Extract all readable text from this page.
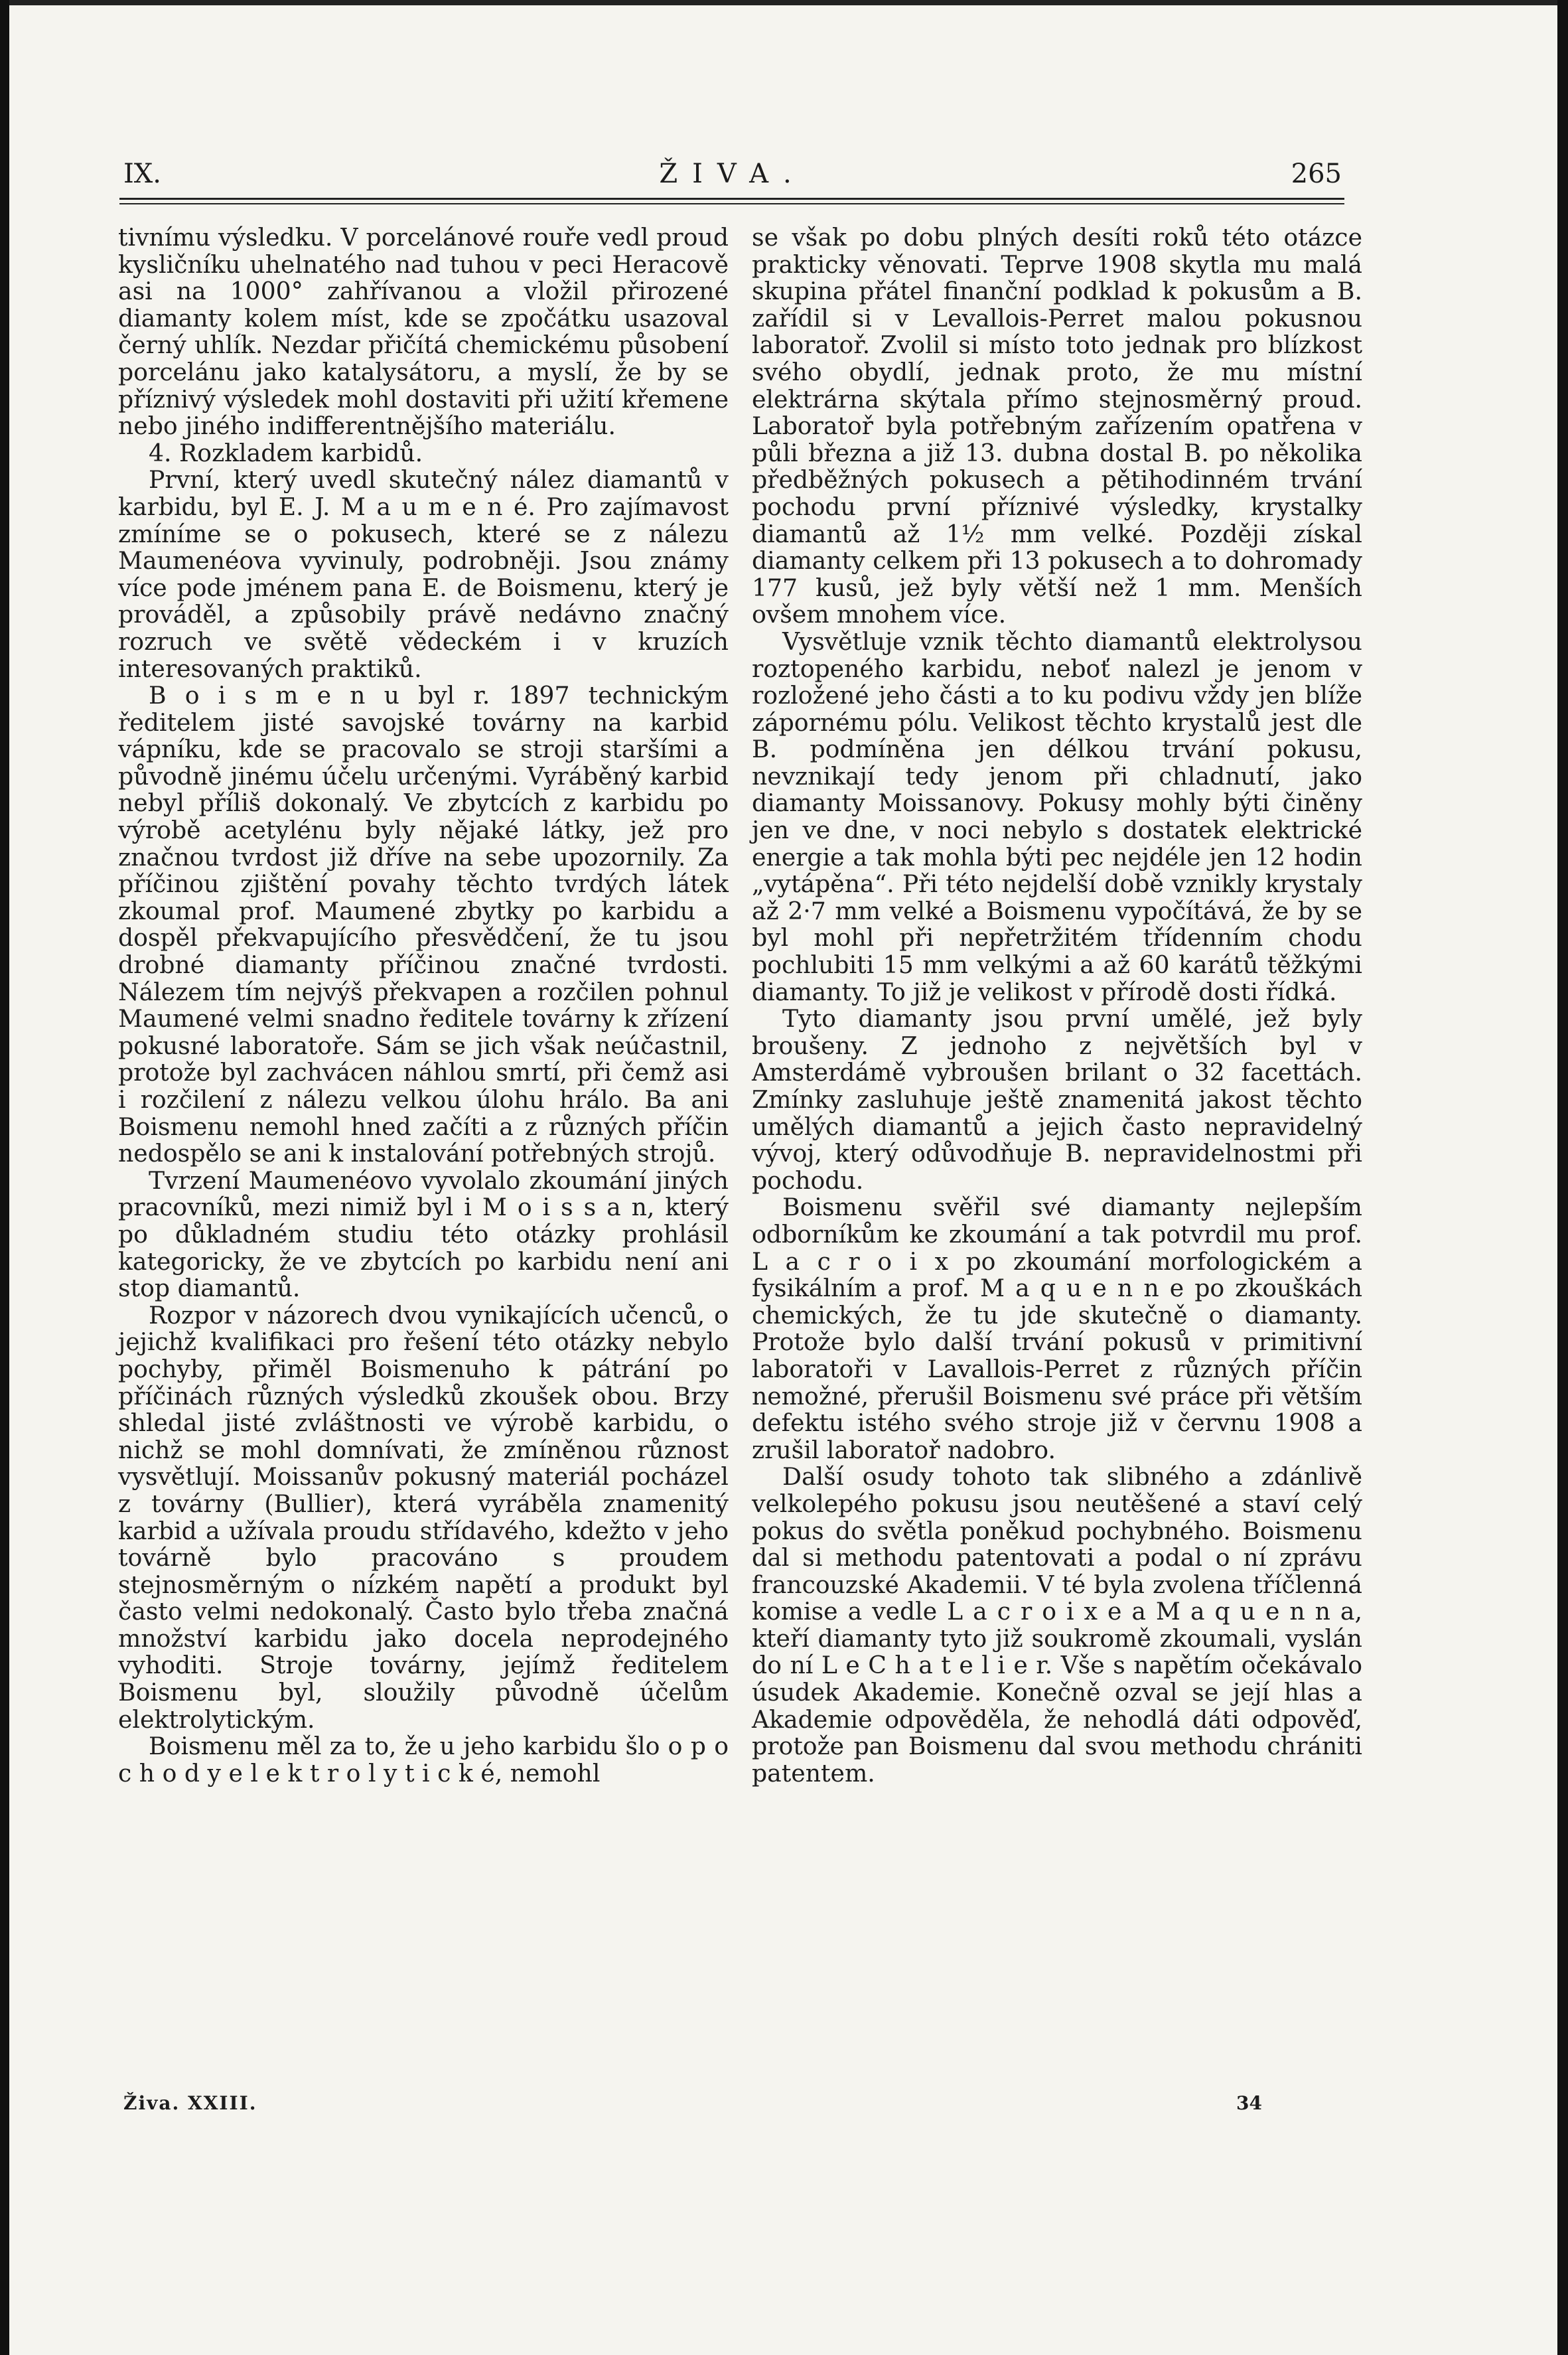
IX.	ŽIVA.	265

tivnímu výsledku. V porcelánové rouře vedl proud kysličníku uhelnatého nad tuhou v peci Heracově asi na 1000° zahřívanou a vložil přirozené diamanty kolem míst, kde se zpočátku usazoval černý uhlík. Nezdar přičítá chemickému působení porcelánu jako katalysátoru, a myslí, že by se příznivý výsledek mohl dostaviti při užití křemene nebo jiného indifferentnějšího materiálu.

4. Rozkladem karbidů.

První, který uvedl skutečný nález diamantů v karbidu, byl E. J. M a u m e n é. Pro zajímavost zmíníme se o pokusech, které se z nálezu Maumenéova vyvinuly, podrobněji. Jsou známy více pode jménem pana E. de Boismenu, který je prováděl, a způsobily právě nedávno značný rozruch ve světě vědeckém i v kruzích interesovaných praktiků.

B o i s m e n u byl r. 1897 technickým ředitelem jisté savojské továrny na karbid vápníku, kde se pracovalo se stroji staršími a původně jinému účelu určenými. Vyráběný karbid nebyl příliš dokonalý. Ve zbytcích z karbidu po výrobě acetylénu byly nějaké látky, jež pro značnou tvrdost již dříve na sebe upozornily. Za příčinou zjištění povahy těchto tvrdých látek zkoumal prof. Maumené zbytky po karbidu a dospěl překvapujícího přesvědčení, že tu jsou drobné diamanty příčinou značné tvrdosti. Nálezem tím nejvýš překvapen a rozčilen pohnul Maumené velmi snadno ředitele továrny k zřízení pokusné laboratoře. Sám se jich však neúčastnil, protože byl zachvácen náhlou smrtí, při čemž asi i rozčilení z nálezu velkou úlohu hrálo. Ba ani Boismenu nemohl hned začíti a z různých příčin nedospělo se ani k instalování potřebných strojů.

Tvrzení Maumenéovo vyvolalo zkoumání jiných pracovníků, mezi nimiž byl i M o i s s a n, který po důkladném studiu této otázky prohlásil kategoricky, že ve zbytcích po karbidu není ani stop diamantů.

Rozpor v názorech dvou vynikajících učenců, o jejichž kvalifikaci pro řešení této otázky nebylo pochyby, přiměl Boismenuho k pátrání po příčinách různých výsledků zkoušek obou. Brzy shledal jisté zvláštnosti ve výrobě karbidu, o nichž se mohl domnívati, že zmíněnou různost vysvětlují. Moissanův pokusný materiál pocházel z továrny (Bullier), která vyráběla znamenitý karbid a užívala proudu střídavého, kdežto v jeho továrně bylo pracováno s proudem stejnosměrným o nízkém napětí a produkt byl často velmi nedokonalý. Často bylo třeba značná množství karbidu jako docela neprodejného vyhoditi. Stroje továrny, jejímž ředitelem Boismenu byl, sloužily původně účelům elektrolytickým.

Boismenu měl za to, že u jeho karbidu šlo o p o c h o d y e l e k t r o l y t i c k é, nemohl

se však po dobu plných desíti roků této otázce prakticky věnovati. Teprve 1908 skytla mu malá skupina přátel finanční podklad k pokusům a B. zařídil si v Levallois-Perret malou pokusnou laboratoř. Zvolil si místo toto jednak pro blízkost svého obydlí, jednak proto, že mu místní elektrárna skýtala přímo stejnosměrný proud. Laboratoř byla potřebným zařízením opatřena v půli března a již 13. dubna dostal B. po několika předběžných pokusech a pětihodinném trvání pochodu první příznivé výsledky, krystalky diamantů až 1½ mm velké. Později získal diamanty celkem při 13 pokusech a to dohromady 177 kusů, jež byly větší než 1 mm. Menších ovšem mnohem více.

Vysvětluje vznik těchto diamantů elektrolysou roztopeného karbidu, neboť nalezl je jenom v rozložené jeho části a to ku podivu vždy jen blíže zápornému pólu. Velikost těchto krystalů jest dle B. podmíněna jen délkou trvání pokusu, nevznikají tedy jenom při chladnutí, jako diamanty Moissanovy. Pokusy mohly býti činěny jen ve dne, v noci nebylo s dostatek elektrické energie a tak mohla býti pec nejdéle jen 12 hodin „vytápěna“. Při této nejdelší době vznikly krystaly až 2·7 mm velké a Boismenu vypočítává, že by se byl mohl při nepřetržitém třídenním chodu pochlubiti 15 mm velkými a až 60 karátů těžkými diamanty. To již je velikost v přírodě dosti řídká.

Tyto diamanty jsou první umělé, jež byly broušeny. Z jednoho z největších byl v Amsterdámě vybroušen brilant o 32 facettách. Zmínky zasluhuje ještě znamenitá jakost těchto umělých diamantů a jejich často nepravidelný vývoj, který odůvodňuje B. nepravidelnostmi při pochodu.

Boismenu svěřil své diamanty nejlepším odborníkům ke zkoumání a tak potvrdil mu prof. L a c r o i x po zkoumání morfologickém a fysikálním a prof. M a q u e n n e po zkouškách chemických, že tu jde skutečně o diamanty. Protože bylo další trvání pokusů v primitivní laboratoři v Lavallois-Perret z různých příčin nemožné, přerušil Boismenu své práce při větším defektu istého svého stroje již v červnu 1908 a zrušil laboratoř nadobro.

Další osudy tohoto tak slibného a zdánlivě velkolepého pokusu jsou neutěšené a staví celý pokus do světla poněkud pochybného. Boismenu dal si methodu patentovati a podal o ní zprávu francouzské Akademii. V té byla zvolena tříčlenná komise a vedle L a c r o i x e a M a q u e n n a, kteří diamanty tyto již soukromě zkoumali, vyslán do ní L e C h a t e l i e r. Vše s napětím očekávalo úsudek Akademie. Konečně ozval se její hlas a Akademie odpověděla, že nehodlá dáti odpověď, protože pan Boismenu dal svou methodu chrániti patentem.

Živa. XXIII.	34
